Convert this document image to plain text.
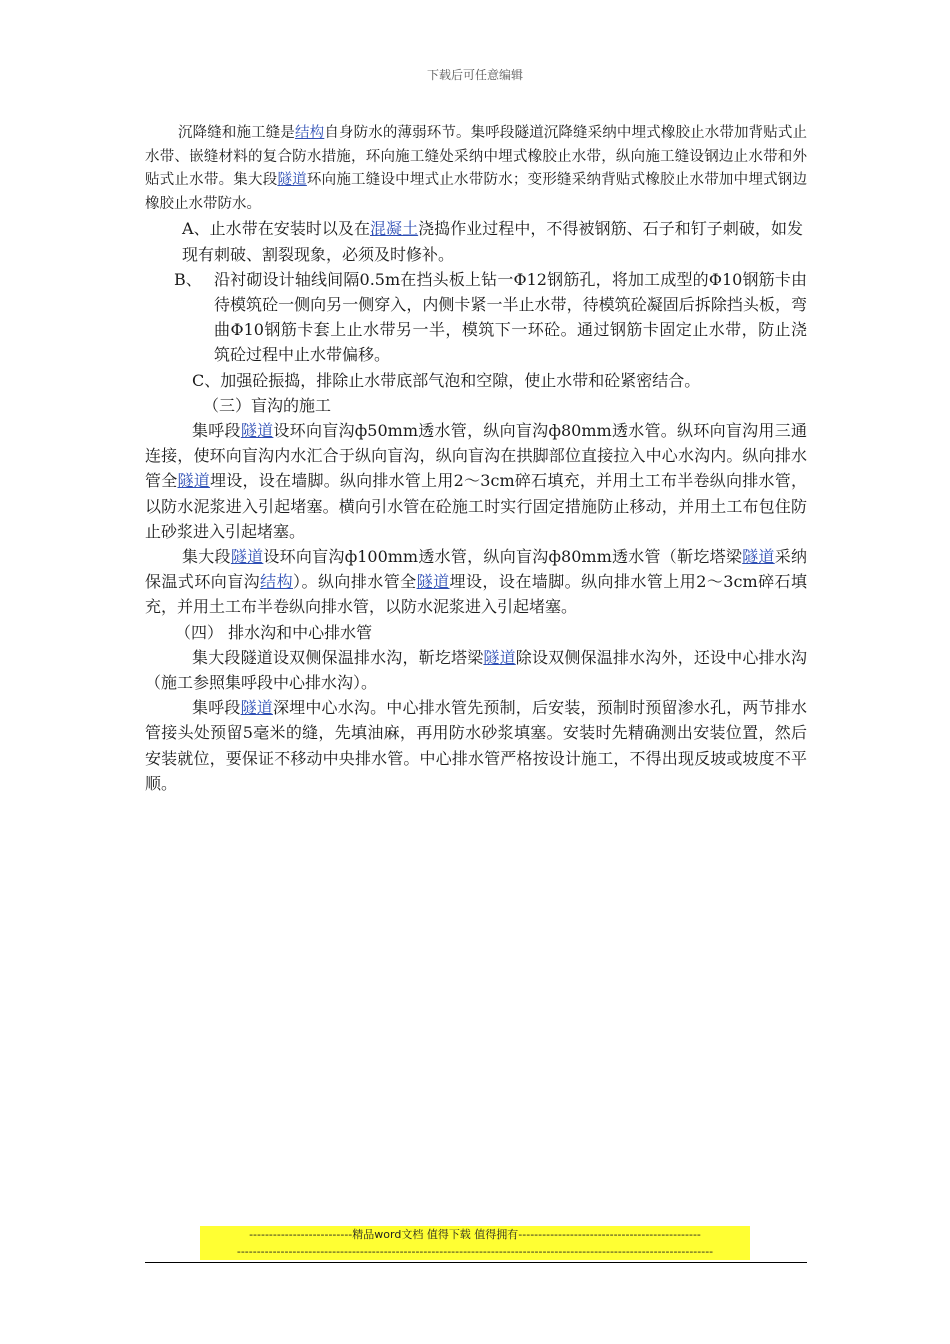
下载后可任意编辑

沉降缝和施工缝是结构自身防水的薄弱环节。集呼段隧道沉降缝采纳中埋式橡胶止水带加背贴式止水带、嵌缝材料的复合防水措施，环向施工缝处采纳中埋式橡胶止水带，纵向施工缝设钢边止水带和外贴式止水带。集大段隧道环向施工缝设中埋式止水带防水；变形缝采纳背贴式橡胶止水带加中埋式钢边橡胶止水带防水。

A、止水带在安装时以及在混凝土浇捣作业过程中，不得被钢筋、石子和钉子刺破，如发现有刺破、割裂现象，必须及时修补。

B、 沿衬砌设计轴线间隔0.5m在挡头板上钻一Φ12钢筋孔，将加工成型的Φ10钢筋卡由待模筑砼一侧向另一侧穿入，内侧卡紧一半止水带，待模筑砼凝固后拆除挡头板，弯曲Φ10钢筋卡套上止水带另一半，模筑下一环砼。通过钢筋卡固定止水带，防止浇筑砼过程中止水带偏移。

C、加强砼振捣，排除止水带底部气泡和空隙，使止水带和砼紧密结合。

（三）盲沟的施工

集呼段隧道设环向盲沟ф50mm透水管，纵向盲沟ф80mm透水管。纵环向盲沟用三通连接，使环向盲沟内水汇合于纵向盲沟，纵向盲沟在拱脚部位直接拉入中心水沟内。纵向排水管全隧道埋设，设在墙脚。纵向排水管上用2～3cm碎石填充，并用土工布半卷纵向排水管，以防水泥浆进入引起堵塞。横向引水管在砼施工时实行固定措施防止移动，并用土工布包住防止砂浆进入引起堵塞。

集大段隧道设环向盲沟ф100mm透水管，纵向盲沟ф80mm透水管（靳圪塔梁隧道采纳保温式环向盲沟结构）。纵向排水管全隧道埋设，设在墙脚。纵向排水管上用2～3cm碎石填充，并用土工布半卷纵向排水管，以防水泥浆进入引起堵塞。

（四） 排水沟和中心排水管

集大段隧道设双侧保温排水沟，靳圪塔梁隧道除设双侧保温排水沟外，还设中心排水沟（施工参照集呼段中心排水沟）。

集呼段隧道深埋中心水沟。中心排水管先预制，后安装，预制时预留渗水孔，两节排水管接头处预留5毫米的缝，先填油麻，再用防水砂浆填塞。安装时先精确测出安装位置，然后安装就位，要保证不移动中央排水管。中心排水管严格按设计施工，不得出现反坡或坡度不平顺。

--------------------------精品word文档 值得下载 值得拥有----------------------------------------------
------------------------------------------------------------------------------------------------------------------------
